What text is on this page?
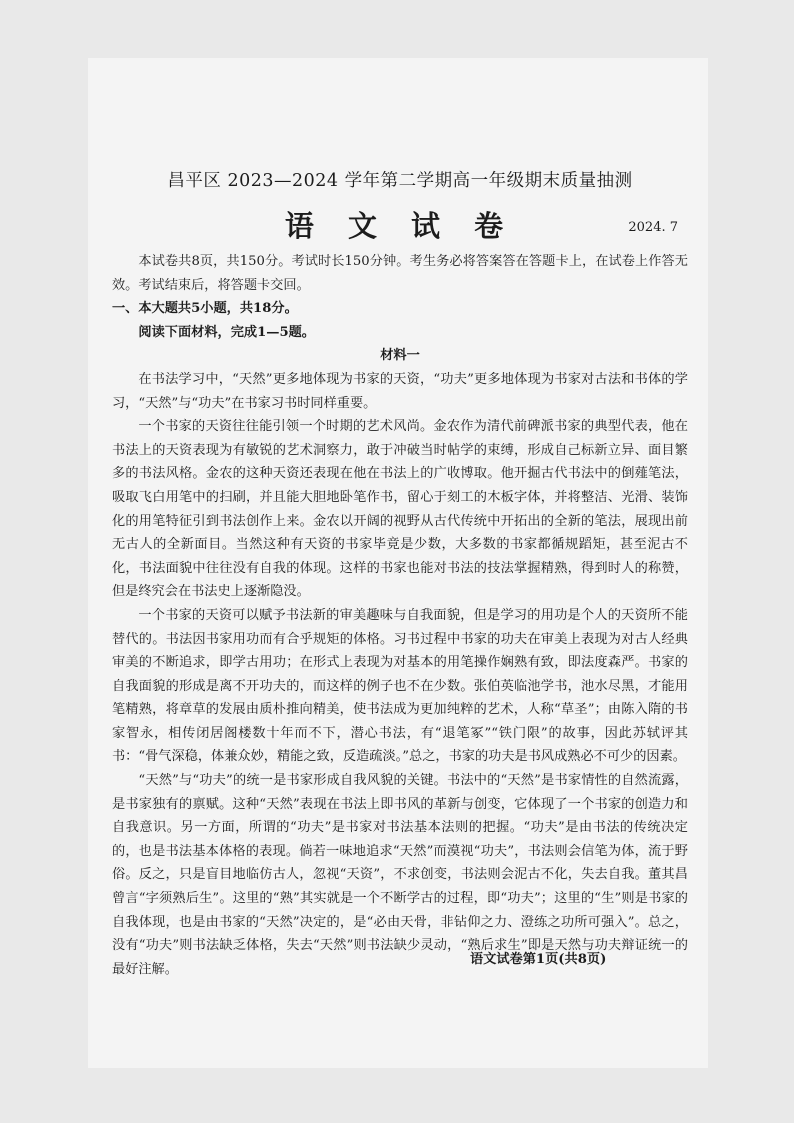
昌平区 2023—2024 学年第二学期高一年级期末质量抽测
语 文 试 卷	2024. 7

本试卷共8页，共150分。考试时长150分钟。考生务必将答案答在答题卡上，在试卷上作答无效。考试结束后，将答题卡交回。

一、本大题共5小题，共18分。

阅读下面材料，完成1—5题。

材料一

在书法学习中，“天然”更多地体现为书家的天资，“功夫”更多地体现为书家对古法和书体的学习，“天然”与“功夫”在书家习书时同样重要。

一个书家的天资往往能引领一个时期的艺术风尚。金农作为清代前碑派书家的典型代表，他在书法上的天资表现为有敏锐的艺术洞察力，敢于冲破当时帖学的束缚，形成自己标新立异、面目繁多的书法风格。金农的这种天资还表现在他在书法上的广收博取。他开掘古代书法中的倒薤笔法，吸取飞白用笔中的扫刷，并且能大胆地卧笔作书，留心于刻工的木板字体，并将整洁、光滑、装饰化的用笔特征引到书法创作上来。金农以开阔的视野从古代传统中开拓出的全新的笔法，展现出前无古人的全新面目。当然这种有天资的书家毕竟是少数，大多数的书家都循规蹈矩，甚至泥古不化，书法面貌中往往没有自我的体现。这样的书家也能对书法的技法掌握精熟，得到时人的称赞，但是终究会在书法史上逐渐隐没。

一个书家的天资可以赋予书法新的审美趣味与自我面貌，但是学习的用功是个人的天资所不能替代的。书法因书家用功而有合乎规矩的体格。习书过程中书家的功夫在审美上表现为对古人经典审美的不断追求，即学古用功；在形式上表现为对基本的用笔操作娴熟有致，即法度森严。书家的自我面貌的形成是离不开功夫的，而这样的例子也不在少数。张伯英临池学书，池水尽黑，才能用笔精熟，将章草的发展由质朴推向精美，使书法成为更加纯粹的艺术，人称“草圣”；由陈入隋的书家智永，相传闭居阁楼数十年而不下，潜心书法，有“退笔冢”“铁门限”的故事，因此苏轼评其书：“骨气深稳，体兼众妙，精能之致，反造疏淡。”总之，书家的功夫是书风成熟必不可少的因素。

“天然”与“功夫”的统一是书家形成自我风貌的关键。书法中的“天然”是书家情性的自然流露，是书家独有的禀赋。这种“天然”表现在书法上即书风的革新与创变，它体现了一个书家的创造力和自我意识。另一方面，所谓的“功夫”是书家对书法基本法则的把握。“功夫”是由书法的传统决定的，也是书法基本体格的表现。倘若一味地追求“天然”而漠视“功夫”，书法则会信笔为体，流于野俗。反之，只是盲目地临仿古人，忽视“天资”，不求创变，书法则会泥古不化，失去自我。董其昌曾言“字须熟后生”。这里的“熟”其实就是一个不断学古的过程，即“功夫”；这里的“生”则是书家的自我体现，也是由书家的“天然”决定的，是“必由天骨，非钻仰之力、澄练之功所可强入”。总之，没有“功夫”则书法缺乏体格，失去“天然”则书法缺少灵动，“熟后求生”即是天然与功夫辩证统一的最好注解。

语文试卷第1页(共8页)
